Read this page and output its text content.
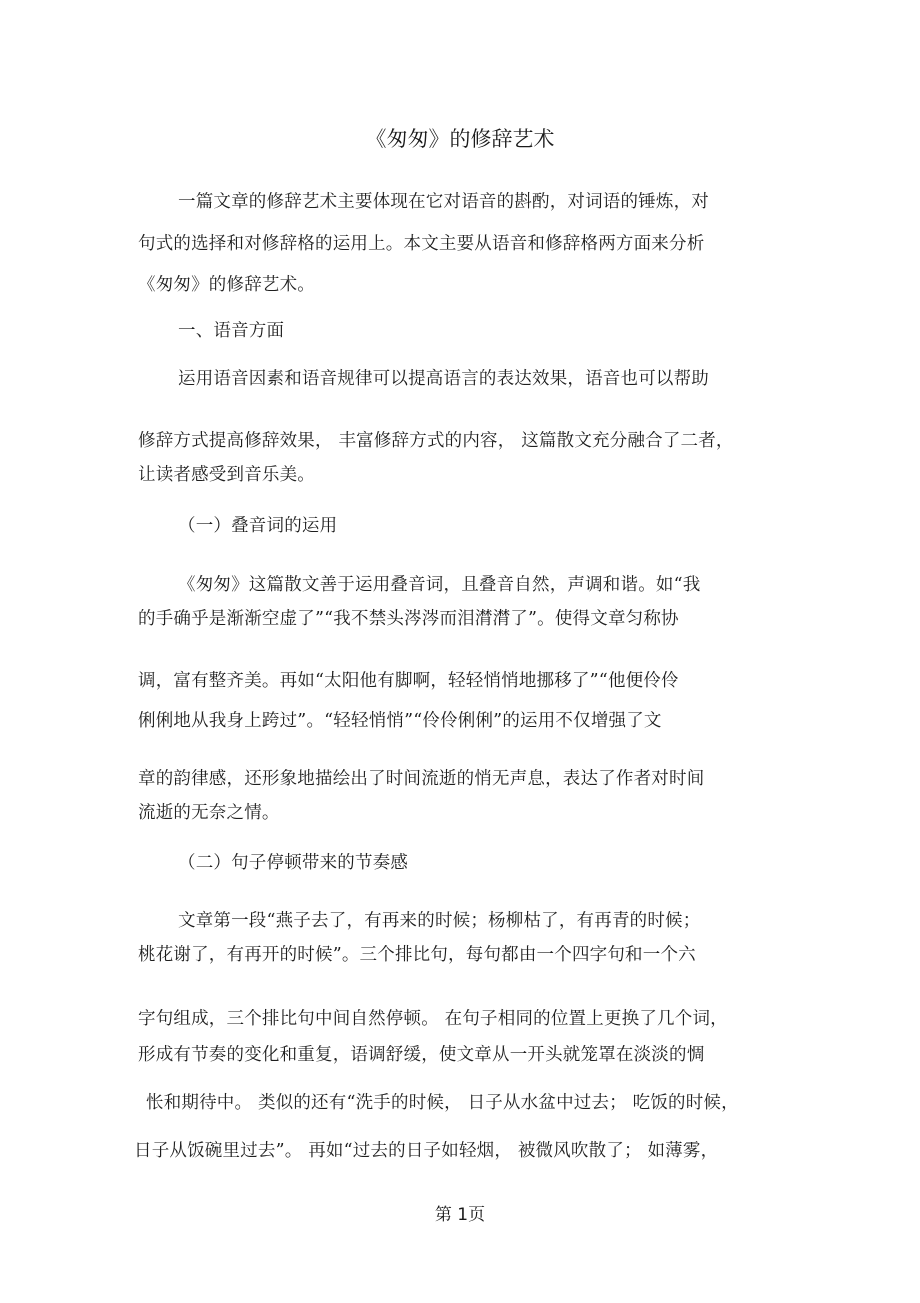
《匆匆》的修辞艺术
一篇文章的修辞艺术主要体现在它对语音的斟酌，对词语的锤炼，对
句式的选择和对修辞格的运用上。本文主要从语音和修辞格两方面来分析
《匆匆》的修辞艺术。
一、语音方面
运用语音因素和语音规律可以提高语言的表达效果，语音也可以帮助
修辞方式提高修辞效果， 丰富修辞方式的内容， 这篇散文充分融合了二者，
让读者感受到音乐美。
（一）叠音词的运用
《匆匆》这篇散文善于运用叠音词，且叠音自然，声调和谐。如“我
的手确乎是渐渐空虚了”“我不禁头涔涔而泪潸潸了”。使得文章匀称协
调，富有整齐美。再如“太阳他有脚啊，轻轻悄悄地挪移了”“他便伶伶
俐俐地从我身上跨过”。“轻轻悄悄”“伶伶俐俐”的运用不仅增强了文
章的韵律感，还形象地描绘出了时间流逝的悄无声息，表达了作者对时间
流逝的无奈之情。
（二）句子停顿带来的节奏感
文章第一段“燕子去了，有再来的时候；杨柳枯了，有再青的时候；
桃花谢了，有再开的时候”。三个排比句，每句都由一个四字句和一个六
字句组成，三个排比句中间自然停顿。 在句子相同的位置上更换了几个词，
形成有节奏的变化和重复，语调舒缓，使文章从一开头就笼罩在淡淡的惆
怅和期待中。 类似的还有“洗手的时候， 日子从水盆中过去； 吃饭的时候，
日子从饭碗里过去”。 再如“过去的日子如轻烟， 被微风吹散了； 如薄雾，
第 1页
